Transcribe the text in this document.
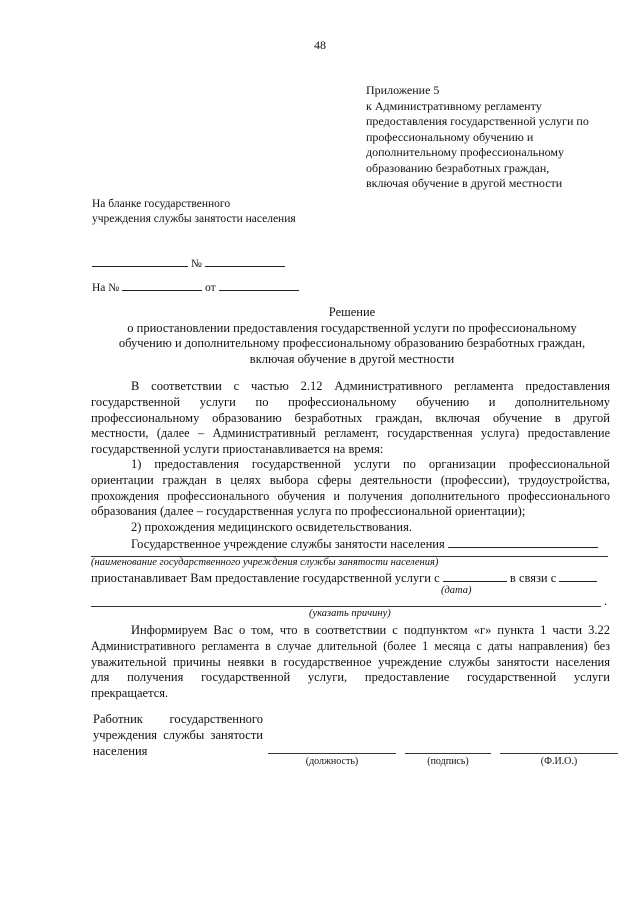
48
Приложение 5
к Административному регламенту
предоставления государственной услуги по
профессиональному обучению и
дополнительному профессиональному
образованию безработных граждан,
включая обучение в другой местности
На бланке государственного
учреждения службы занятости населения
№
На №	от
Решение
о приостановлении предоставления государственной услуги по профессиональному
обучению и дополнительному профессиональному образованию безработных граждан,
включая обучение в другой местности
В соответствии с частью 2.12 Административного регламента предоставления
государственной услуги по профессиональному обучению и дополнительному
профессиональному образованию безработных граждан, включая обучение в другой
местности, (далее – Административный регламент, государственная услуга) предоставление
государственной услуги приостанавливается на время:
1) предоставления государственной услуги по организации профессиональной
ориентации граждан в целях выбора сферы деятельности (профессии), трудоустройства,
прохождения профессионального обучения и получения дополнительного профессионального
образования (далее – государственная услуга по профессиональной ориентации);
2) прохождения медицинского освидетельствования.
Государственное учреждение службы занятости населения
(наименование государственного учреждения службы занятости населения)
приостанавливает Вам предоставление государственной услуги с	в связи с
(дата)
.
(указать причину)
Информируем Вас о том, что в соответствии с подпунктом «г» пункта 1 части 3.22
Административного регламента в случае длительной (более 1 месяца с даты направления) без
уважительной причины неявки в государственное учреждение службы занятости населения
для получения государственной услуги, предоставление государственной услуги
прекращается.
Работник государственного
учреждения службы занятости
населения
(должность)	(подпись)	(Ф.И.О.)
